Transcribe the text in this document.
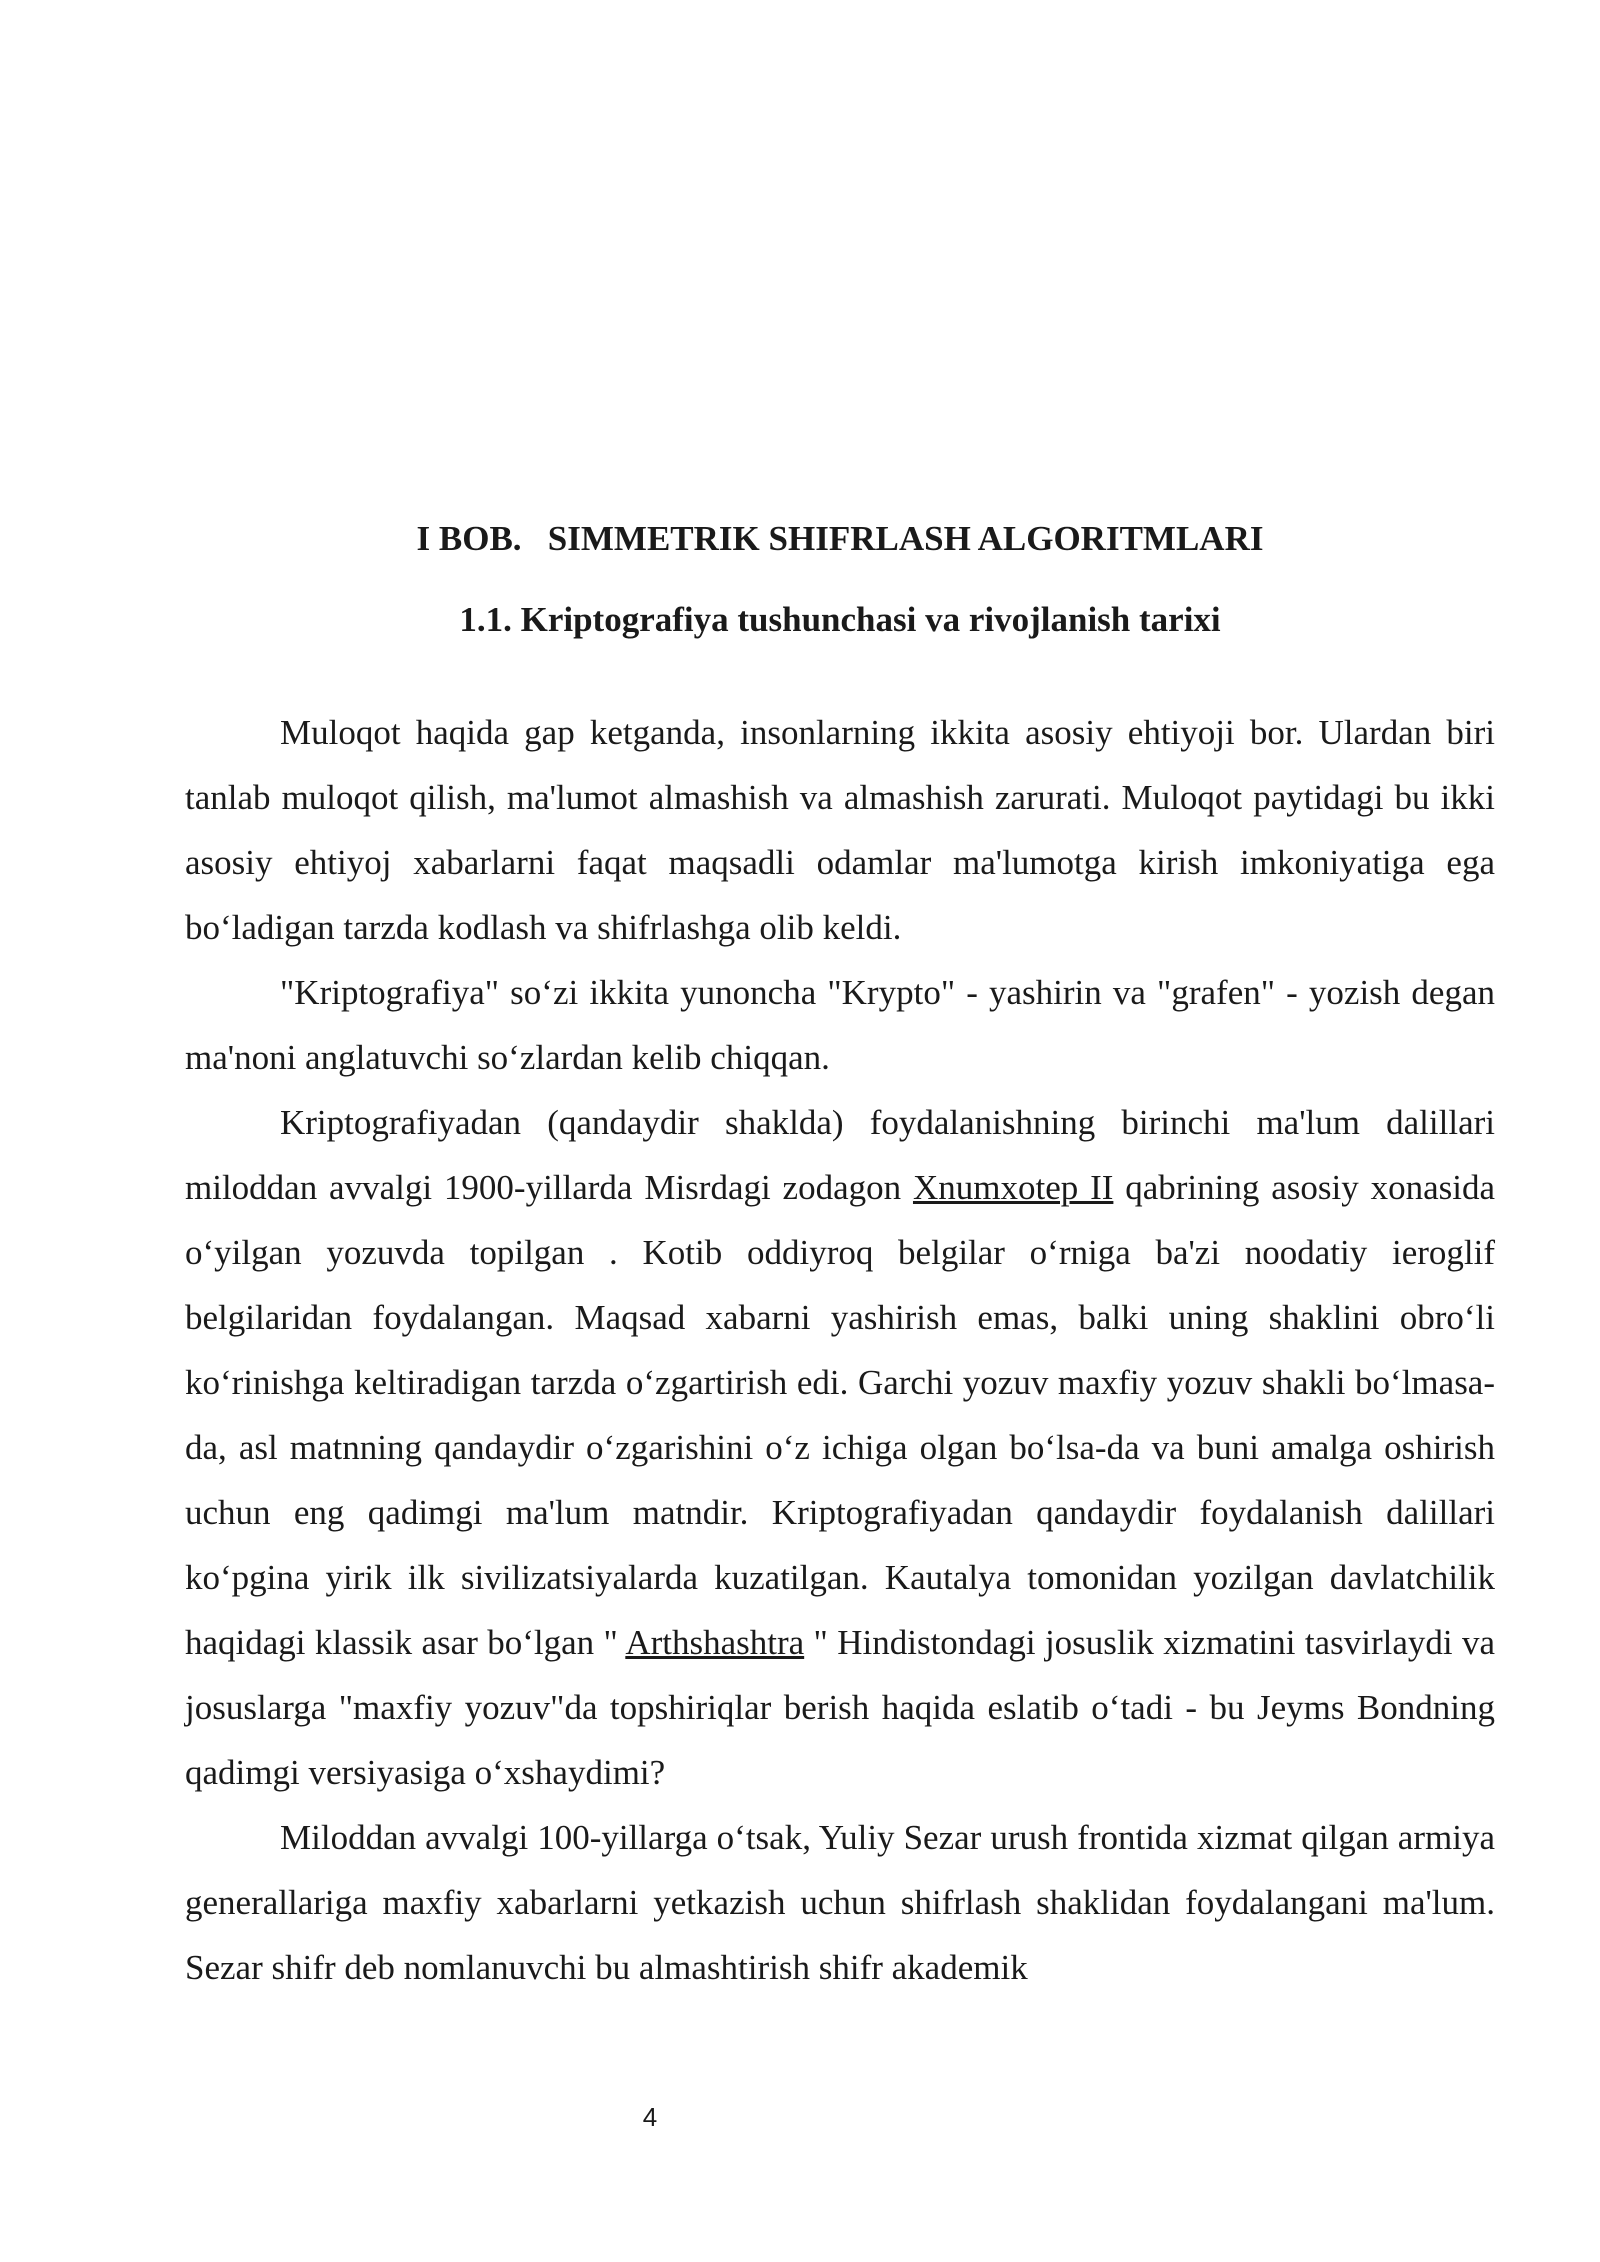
I BOB.   SIMMETRIK SHIFRLASH ALGORITMLARI
1.1. Kriptografiya tushunchasi va rivojlanish tarixi

Muloqot haqida gap ketganda, insonlarning ikkita asosiy ehtiyoji bor. Ulardan biri tanlab muloqot qilish, ma'lumot almashish va almashish zarurati. Muloqot paytidagi bu ikki asosiy ehtiyoj xabarlarni faqat maqsadli odamlar ma'lumotga kirish imkoniyatiga ega bo‘ladigan tarzda kodlash va shifrlashga olib keldi.

"Kriptografiya" so‘zi ikkita yunoncha "Krypto" - yashirin va "grafen" - yozish degan ma'noni anglatuvchi so‘zlardan kelib chiqqan.

Kriptografiyadan (qandaydir shaklda) foydalanishning birinchi ma'lum dalillari miloddan avvalgi 1900-yillarda Misrdagi zodagon Xnumxotep II qabrining asosiy xonasida o‘yilgan yozuvda topilgan . Kotib oddiyroq belgilar o‘rniga ba'zi noodatiy ieroglif belgilaridan foydalangan. Maqsad xabarni yashirish emas, balki uning shaklini obro‘li ko‘rinishga keltiradigan tarzda o‘zgartirish edi. Garchi yozuv maxfiy yozuv shakli bo‘lmasa-da, asl matnning qandaydir o‘zgarishini o‘z ichiga olgan bo‘lsa-da va buni amalga oshirish uchun eng qadimgi ma'lum matndir. Kriptografiyadan qandaydir foydalanish dalillari ko‘pgina yirik ilk sivilizatsiyalarda kuzatilgan. Kautalya tomonidan yozilgan davlatchilik haqidagi klassik asar bo‘lgan " Arthshashtra " Hindistondagi josuslik xizmatini tasvirlaydi va josuslarga "maxfiy yozuv"da topshiriqlar berish haqida eslatib o‘tadi - bu Jeyms Bondning qadimgi versiyasiga o‘xshaydimi?

Miloddan avvalgi 100-yillarga o‘tsak, Yuliy Sezar urush frontida xizmat qilgan armiya generallariga maxfiy xabarlarni yetkazish uchun shifrlash shaklidan foydalangani ma'lum. Sezar shifr deb nomlanuvchi bu almashtirish shifr akademik

4
